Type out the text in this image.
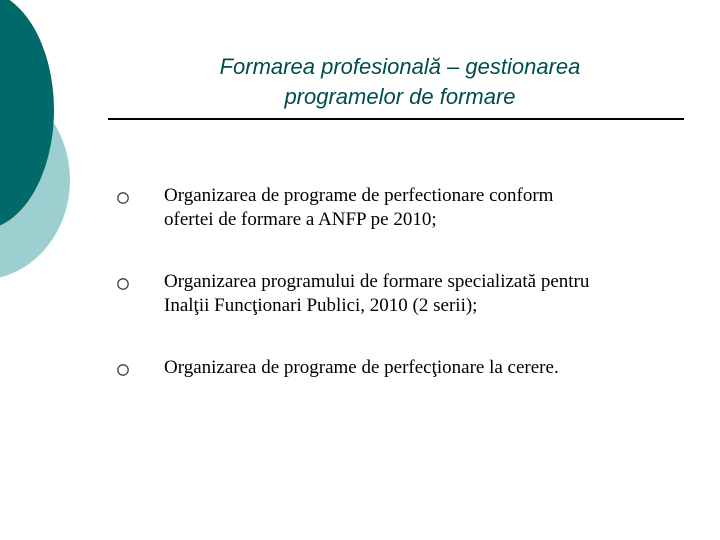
Formarea profesională – gestionarea
programelor de formare
Organizarea de programe de perfectionare conform
ofertei de formare a ANFP pe 2010;
Organizarea programului de formare specializată pentru
Inalţii Funcţionari Publici, 2010 (2 serii);
Organizarea de programe de perfecţionare la cerere.
